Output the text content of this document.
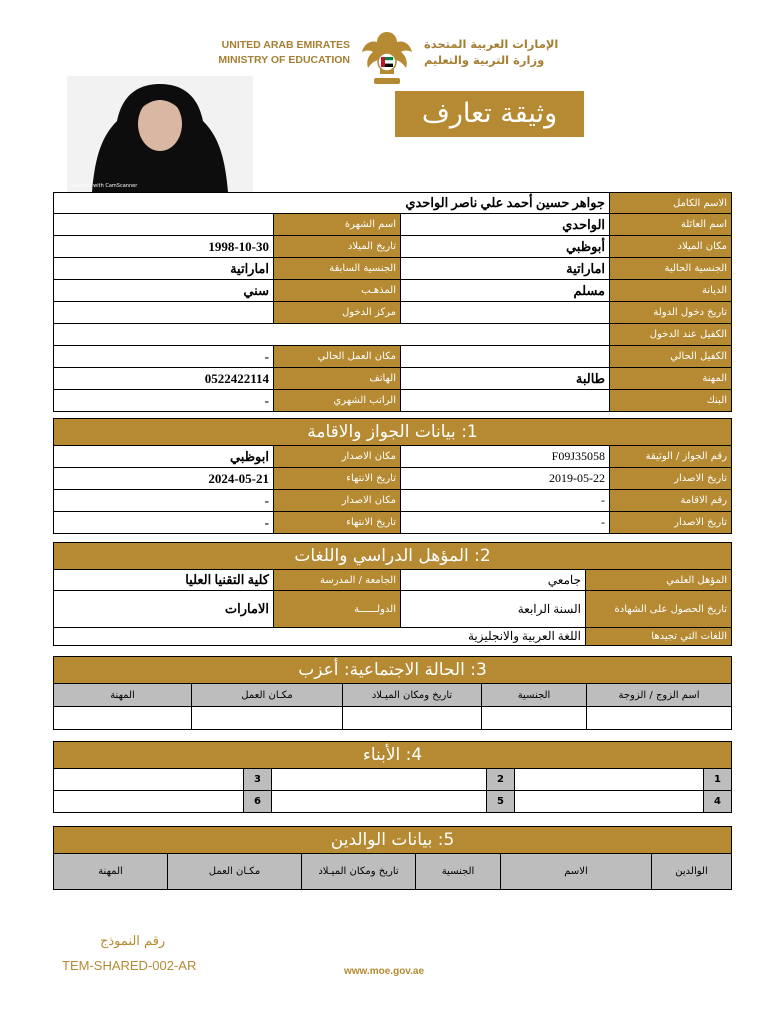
UNITED ARAB EMIRATES
MINISTRY OF EDUCATION
الإمارات العربية المتحدة
وزارة التربية والتعليم
وثيقة تعارف
Scanned with CamScanner
جواهر حسين أحمد علي ناصر الواحدي			الاسم الكامل
	اسم الشهرة	الواحدي	اسم العائلة
1998-10-30	تاريخ الميلاد	أبوظبي	مكان الميلاد
اماراتية	الجنسية السابقة	اماراتية	الجنسية الحالية
سني	المذهـب	مسلم	الديانة
	مركز الدخول		تاريخ دخول الدولة
			الكفيل عند الدخول
-	مكان العمل الحالي		الكفيل الحالي
0522422114	الهاتف	طالبة	المهنة
-	الراتب الشهري		البنك
1: بيانات الجواز والاقامة			
ابوظبي	مكان الاصدار	F09J35058	رقم الجواز / الوثيقة
2024-05-21	تاريخ الانتهاء	2019-05-22	تاريخ الاصدار
-	مكان الاصدار	-	رقم الاقامة
-	تاريخ الانتهاء	-	تاريخ الاصدار
2: المؤهل الدراسي واللغات			
كلية التقنيا العليا	الجامعة / المدرسة	جامعي	المؤهل العلمي
الامارات	الدولــــــة	السنة الرابعة	تاريخ الحصول على الشهادة
اللغة العربية والانجليزية			اللغات التي تجيدها
3: الحالة الاجتماعية: أعزب				
المهنة	مكـان العمل	تاريخ ومكان الميـلاد	الجنسية	اسم الزوج / الزوجة

4: الأبناء					
	3		2		1
	6		5		4
5: بيانات الوالدين
المهنة	مكـان العمل	تاريخ ومكان الميـلاد	الجنسية	الاسم	الوالدين
رقم النموذج
TEM-SHARED-002-AR	www.moe.gov.ae
